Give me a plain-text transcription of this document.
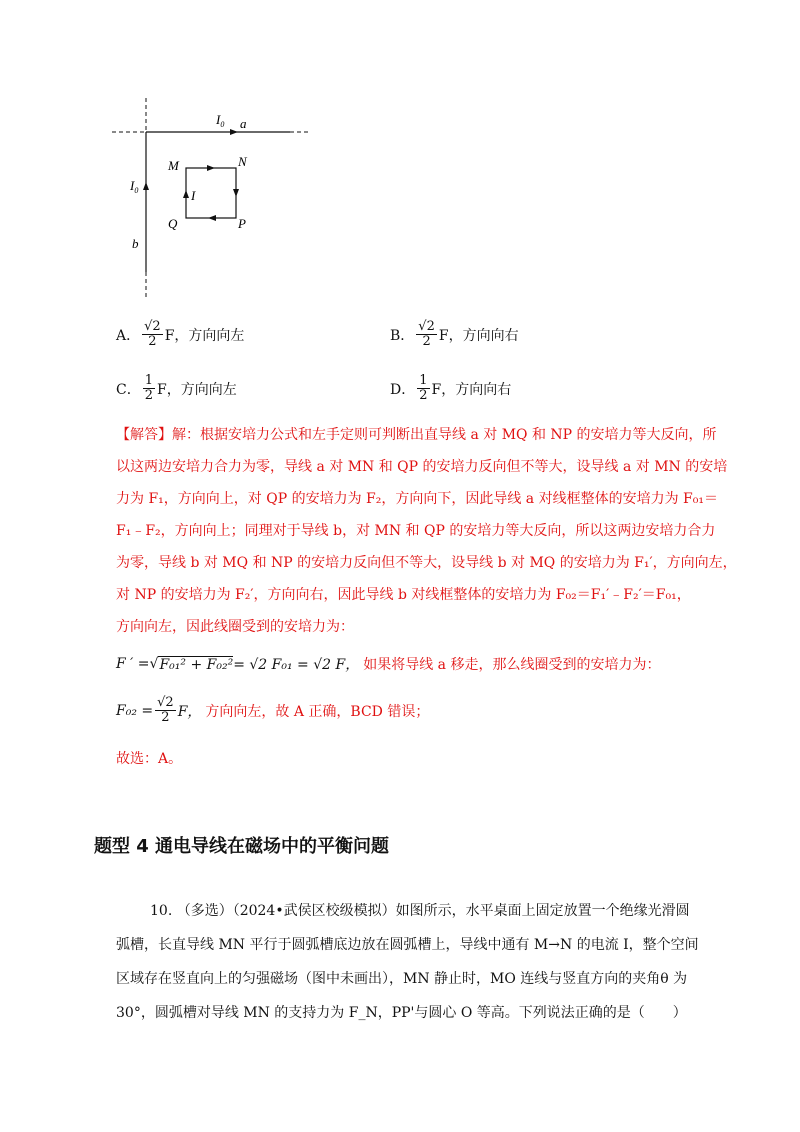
$I_0$ a
$I_0$
b
M	N
I
Q	P
A． $\frac{√2}{2}$ F，方向向左	B． $\frac{√2}{2}$ F，方向向右
C． $\frac{1}{2}$ F，方向向左	D． $\frac{1}{2}$ F，方向向右
【解答】解：根据安培力公式和左手定则可判断出直导线 a 对 MQ 和 NP 的安培力等大反向，所
以这两边安培力合力为零，导线 a 对 MN 和 QP 的安培力反向但不等大，设导线 a 对 MN 的安培
力为 F₁，方向向上，对 QP 的安培力为 F₂，方向向下，因此导线 a 对线框整体的安培力为 F₀₁＝
F₁﹣F₂，方向向上；同理对于导线 b，对 MN 和 QP 的安培力等大反向，所以这两边安培力合力
为零，导线 b 对 MQ 和 NP 的安培力反向但不等大，设导线 b 对 MQ 的安培力为 F₁′，方向向左，
对 NP 的安培力为 F₂′，方向向右，因此导线 b 对线框整体的安培力为 F₀₂＝F₁′﹣F₂′＝F₀₁，
方向向左，因此线圈受到的安培力为：
F ′ = √ F₀₁² + F₀₂² = √2 F₀₁ = √2 F， 如果将导线 a 移走，那么线圈受到的安培力为：
$F_{02} = \frac{√2}{2}$ F， 方向向左，故 A 正确，BCD 错误；
故选：A。
题型 4 通电导线在磁场中的平衡问题
10. （多选）（2024•武侯区校级模拟）如图所示，水平桌面上固定放置一个绝缘光滑圆
弧槽，长直导线 MN 平行于圆弧槽底边放在圆弧槽上，导线中通有 M→N 的电流 I，整个空间
区域存在竖直向上的匀强磁场（图中未画出），MN 静止时，MO 连线与竖直方向的夹角θ 为
30°，圆弧槽对导线 MN 的支持力为 F_N，PP'与圆心 O 等高。下列说法正确的是（　　）
